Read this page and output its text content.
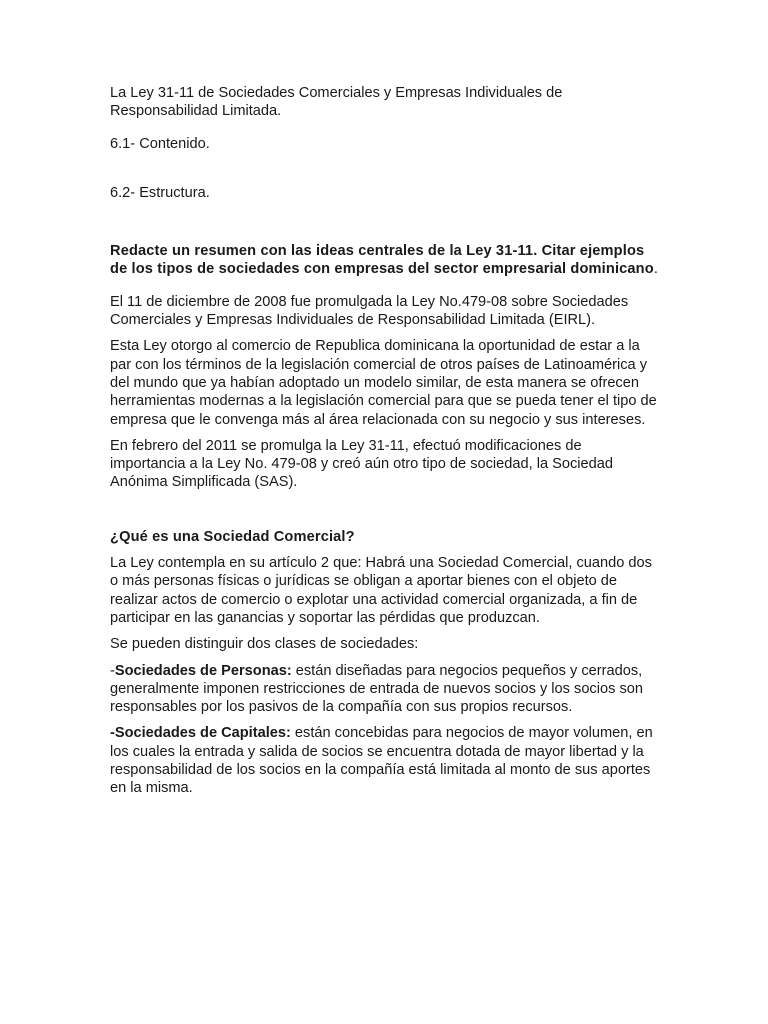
La Ley 31-11 de Sociedades Comerciales y Empresas Individuales de Responsabilidad Limitada.

6.1- Contenido.

6.2- Estructura.

Redacte un resumen con las ideas centrales de la Ley 31-11. Citar ejemplos de los tipos de sociedades con empresas del sector empresarial dominicano.

El 11 de diciembre de 2008 fue promulgada la Ley No.479-08 sobre Sociedades Comerciales y Empresas Individuales de Responsabilidad Limitada (EIRL).

Esta Ley otorgo al comercio de Republica dominicana la oportunidad de estar a la par con los términos de la legislación comercial de otros países de Latinoamérica y del mundo que ya habían adoptado un modelo similar, de esta manera se ofrecen herramientas modernas a la legislación comercial para que se pueda tener el tipo de empresa que le convenga más al área relacionada con su negocio y sus intereses.

En febrero del 2011 se promulga la Ley 31-11, efectuó modificaciones de importancia a la Ley No. 479-08 y creó aún otro tipo de sociedad, la Sociedad Anónima Simplificada (SAS).

¿Qué es una Sociedad Comercial?

La Ley contempla en su artículo 2 que: Habrá una Sociedad Comercial, cuando dos o más personas físicas o jurídicas se obligan a aportar bienes con el objeto de realizar actos de comercio o explotar una actividad comercial organizada, a fin de participar en las ganancias y soportar las pérdidas que produzcan.

Se pueden distinguir dos clases de sociedades:

-Sociedades de Personas: están diseñadas para negocios pequeños y cerrados, generalmente imponen restricciones de entrada de nuevos socios y los socios son responsables por los pasivos de la compañía con sus propios recursos.

-Sociedades de Capitales: están concebidas para negocios de mayor volumen, en los cuales la entrada y salida de socios se encuentra dotada de mayor libertad y la responsabilidad de los socios en la compañía está limitada al monto de sus aportes en la misma.
